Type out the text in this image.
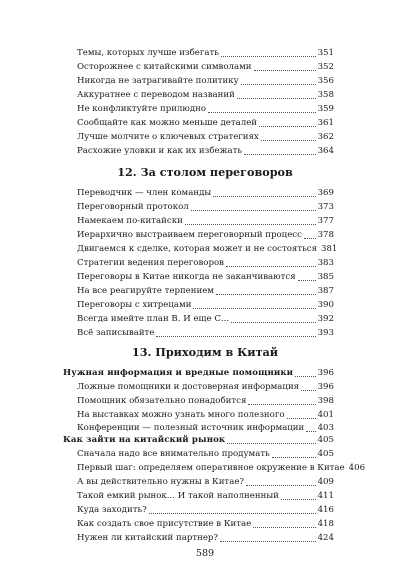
Темы, которых лучше избегать	351
Осторожнее с китайскими символами	352
Никогда не затрагивайте политику	356
Аккуратнее с переводом названий	358
Не конфликтуйте прилюдно	359
Сообщайте как можно меньше деталей	361
Лучше молчите о ключевых стратегиях	362
Расхожие уловки и как их избежать	364
12. За столом переговоров
Переводчик — член команды	369
Переговорный протокол	373
Намекаем по-китайски	377
Иерархично выстраиваем переговорный процесс 378
Двигаемся к сделке, которая может и не состояться 381
Стратегии ведения переговоров	383
Переговоры в Китае никогда не заканчиваются	385
На все реагируйте терпением	387
Переговоры с хитрецами	390
Всегда имейте план В. И еще С...	392
Всё записывайте	393
13. Приходим в Китай
Нужная информация и вредные помощники	396
Ложные помощники и достоверная информация 396
Помощник обязательно понадобится	398
На выставках можно узнать много полезного	401
Конференции — полезный источник информации 403
Как зайти на китайский рынок	405
Сначала надо все внимательно продумать	405
Первый шаг: определяем оперативное окружение в Китае 406
А вы действительно нужны в Китае?	409
Такой емкий рынок... И такой наполненный	411
Куда заходить?	416
Как создать свое присутствие в Китае	418
Нужен ли китайский партнер?	424
589
